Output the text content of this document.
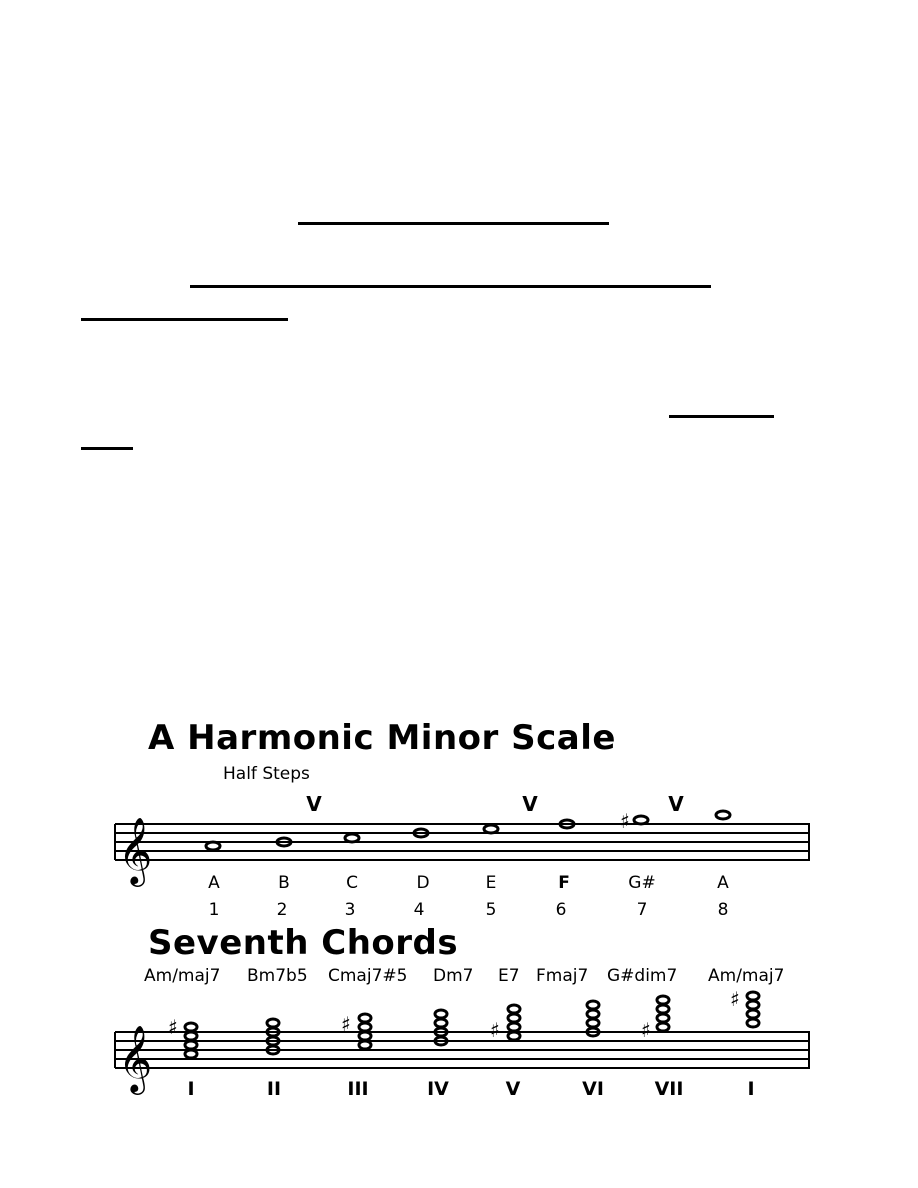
A Harmonic Minor Scale
Half Steps
V	V	V
𝄞
𝄞
♯
♯	♯	♯	♯
♯
A	B	C	D	E	F	G#	A
1	2	3	4	5	6	7	8
Seventh Chords
Am/maj7 Bm7b5 Cmaj7#5 Dm7 E7 Fmaj7 G#dim7 Am/maj7
I	II	III	IV	V	VI	VII	I
